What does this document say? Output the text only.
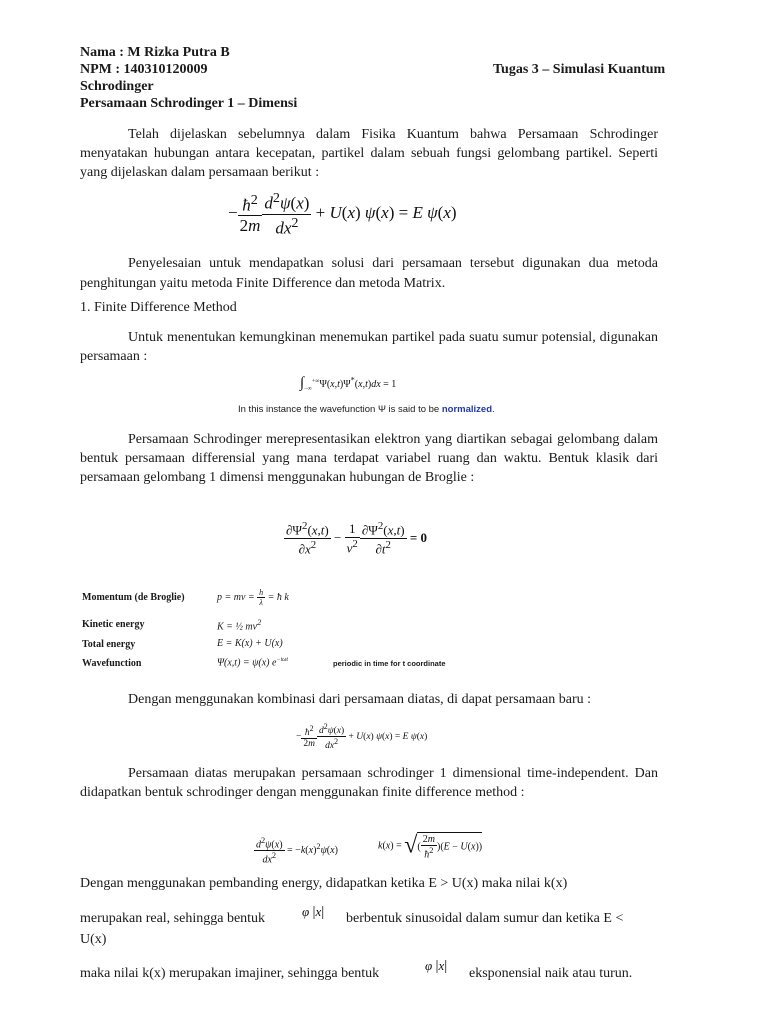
Nama : M Rizka Putra B
NPM : 140310120009	Tugas 3 – Simulasi Kuantum
Schrodinger
Persamaan Schrodinger 1 – Dimensi
Telah dijelaskan sebelumnya dalam Fisika Kuantum bahwa Persamaan Schrodinger menyatakan hubungan antara kecepatan, partikel dalam sebuah fungsi gelombang partikel. Seperti yang dijelaskan dalam persamaan berikut :
− $\frac{ħ^2}{2m} \frac{d^2\psi(x)}{dx^2} + U(x) \psi(x) = E$ ψ(x)
Penyelesaian untuk mendapatkan solusi dari persamaan tersebut digunakan dua metoda penghitungan yaitu metoda Finite Difference dan metoda Matrix.
1. Finite Difference Method
Untuk menentukan kemungkinan menemukan partikel pada suatu sumur potensial, digunakan persamaan :
$\int_{-\infty}^{+\infty}\Psi(x,t)\Psi^*(x,t)dx = 1$
In this instance the wavefunction Ψ is said to be normalized.
Persamaan Schrodinger merepresentasikan elektron yang diartikan sebagai gelombang dalam bentuk persamaan differensial yang mana terdapat variabel ruang dan waktu. Bentuk klasik dari persamaan gelombang 1 dimensi menggunakan hubungan de Broglie :
$\frac{\partial\Psi^2(x,t)}{\partial x^2} - \frac{1}{v^2} \frac{\partial\Psi^2(x,t)}{\partial t^2} = 0$
Momentum (de Broglie)	p = mv = $\frac{h}{\lambda}$ = ħ k
Kinetic energy	K = ½ $mv^2$
Total energy	E = K(x) + U(x)
Wavefunction	Ψ(x,t) = ψ(x) $e^{-i\omega t}$	periodic in time for t coordinate
Dengan menggunakan kombinasi dari persamaan diatas, di dapat persamaan baru :
− $\frac{ħ^2}{2m} \frac{d^2\psi(x)}{dx^2} + U(x) \psi(x) = E$ ψ(x)
Persamaan diatas merupakan persamaan schrodinger 1 dimensional time-independent. Dan didapatkan bentuk schrodinger dengan menggunakan finite difference method :
$\frac{d^2\psi(x)}{dx^2} = -k(x)^2\psi(x)$	k(x) = √( $\frac{2m}{ħ^2} )(E - U(x))$
Dengan menggunakan pembanding energy, didapatkan ketika E > U(x) maka nilai k(x)
merupakan real, sehingga bentuk	φ |x| berbentuk sinusoidal dalam sumur dan ketika E <
U(x)
maka nilai k(x) merupakan imajiner, sehingga bentuk
φ |x| eksponensial naik atau turun.
